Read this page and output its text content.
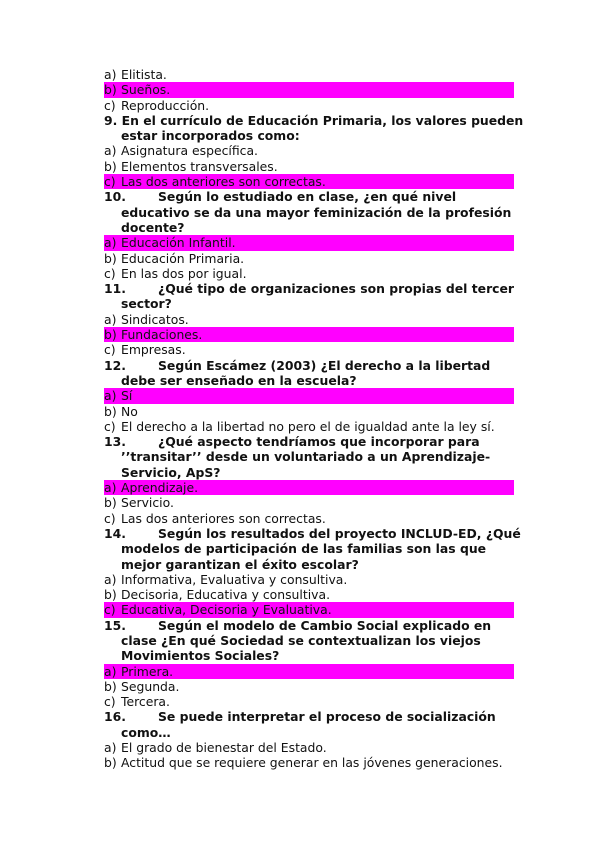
a) Elitista.
b) Sueños.
c) Reproducción.
9. En el currículo de Educación Primaria, los valores pueden
estar incorporados como:
a) Asignatura específica.
b) Elementos transversales.
c) Las dos anteriores son correctas.
10.	Según lo estudiado en clase, ¿en qué nivel
educativo se da una mayor feminización de la profesión
docente?
a) Educación Infantil.
b) Educación Primaria.
c) En las dos por igual.
11.	¿Qué tipo de organizaciones son propias del tercer
sector?
a) Sindicatos.
b) Fundaciones.
c) Empresas.
12.	Según Escámez (2003) ¿El derecho a la libertad
debe ser enseñado en la escuela?
a) Sí
b) No
c) El derecho a la libertad no pero el de igualdad ante la ley sí.
13.	¿Qué aspecto tendríamos que incorporar para
’’transitar’’ desde un voluntariado a un Aprendizaje-
Servicio, ApS?
a) Aprendizaje.
b) Servicio.
c) Las dos anteriores son correctas.
14.	Según los resultados del proyecto INCLUD-ED, ¿Qué
modelos de participación de las familias son las que
mejor garantizan el éxito escolar?
a) Informativa, Evaluativa y consultiva.
b) Decisoria, Educativa y consultiva.
c) Educativa, Decisoria y Evaluativa.
15.	Según el modelo de Cambio Social explicado en
clase ¿En qué Sociedad se contextualizan los viejos
Movimientos Sociales?
a) Primera.
b) Segunda.
c) Tercera.
16.	Se puede interpretar el proceso de socialización
como…
a) El grado de bienestar del Estado.
b) Actitud que se requiere generar en las jóvenes generaciones.
